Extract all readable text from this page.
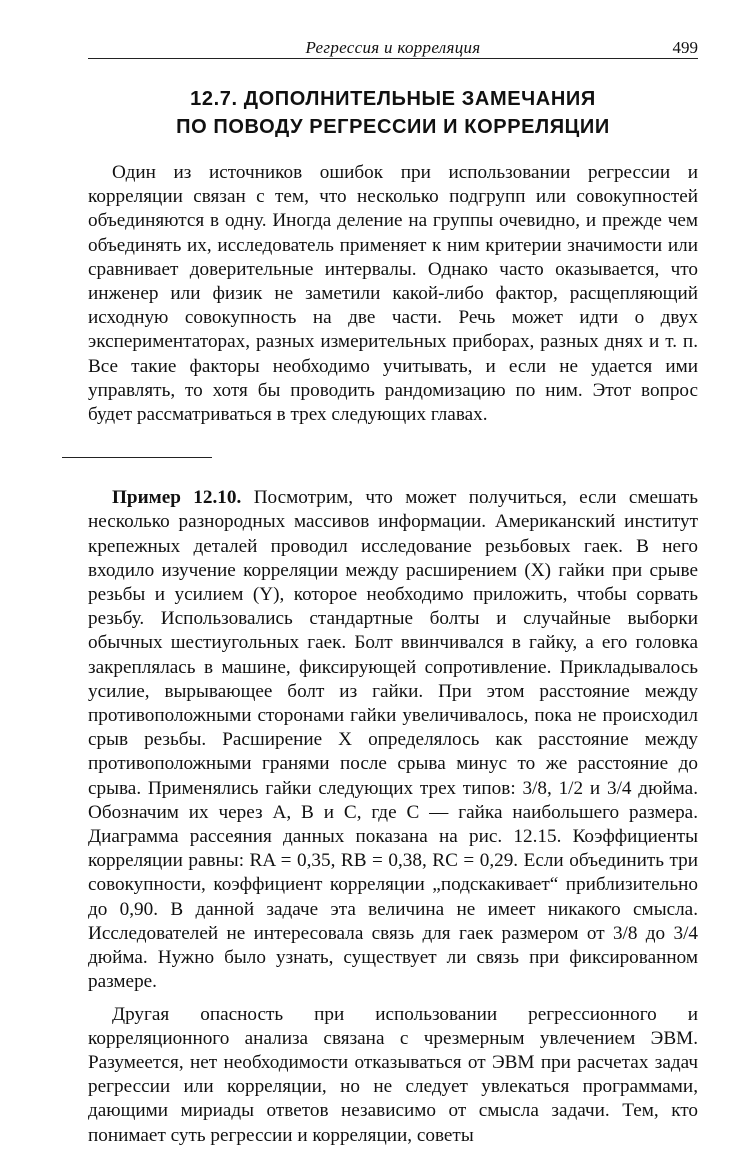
Регрессия и корреляция	499
12.7. ДОПОЛНИТЕЛЬНЫЕ ЗАМЕЧАНИЯ
ПО ПОВОДУ РЕГРЕССИИ И КОРРЕЛЯЦИИ

Один из источников ошибок при использовании регрессии и корреляции связан с тем, что несколько подгрупп или совокупностей объединяются в одну. Иногда деление на группы очевидно, и прежде чем объединять их, исследователь применяет к ним критерии значимости или сравнивает доверительные интервалы. Однако часто оказывается, что инженер или физик не заметили какой-либо фактор, расщепляющий исходную совокупность на две части. Речь может идти о двух экспериментаторах, разных измерительных приборах, разных днях и т. п. Все такие факторы необходимо учитывать, и если не удается ими управлять, то хотя бы проводить рандомизацию по ним. Этот вопрос будет рассматриваться в трех следующих главах.

Пример 12.10. Посмотрим, что может получиться, если смешать несколько разнородных массивов информации. Американский институт крепежных деталей проводил исследование резьбовых гаек. В него входило изучение корреляции между расширением (X) гайки при срыве резьбы и усилием (Y), которое необходимо приложить, чтобы сорвать резьбу. Использовались стандартные болты и случайные выборки обычных шестиугольных гаек. Болт ввинчивался в гайку, а его головка закреплялась в машине, фиксирующей сопротивление. Прикладывалось усилие, вырывающее болт из гайки. При этом расстояние между противоположными сторонами гайки увеличивалось, пока не происходил срыв резьбы. Расширение X определялось как расстояние между противоположными гранями после срыва минус то же расстояние до срыва. Применялись гайки следующих трех типов: 3/8, 1/2 и 3/4 дюйма. Обозначим их через A, B и C, где C — гайка наибольшего размера. Диаграмма рассеяния данных показана на рис. 12.15. Коэффициенты корреляции равны: RA = 0,35, RB = 0,38, RC = 0,29. Если объединить три совокупности, коэффициент корреляции „подскакивает“ приблизительно до 0,90. В данной задаче эта величина не имеет никакого смысла. Исследователей не интересовала связь для гаек размером от 3/8 до 3/4 дюйма. Нужно было узнать, существует ли связь при фиксированном размере.

Другая опасность при использовании регрессионного и корреляционного анализа связана с чрезмерным увлечением ЭВМ. Разумеется, нет необходимости отказываться от ЭВМ при расчетах задач регрессии или корреляции, но не следует увлекаться программами, дающими мириады ответов независимо от смысла задачи. Тем, кто понимает суть регрессии и корреляции, советы
